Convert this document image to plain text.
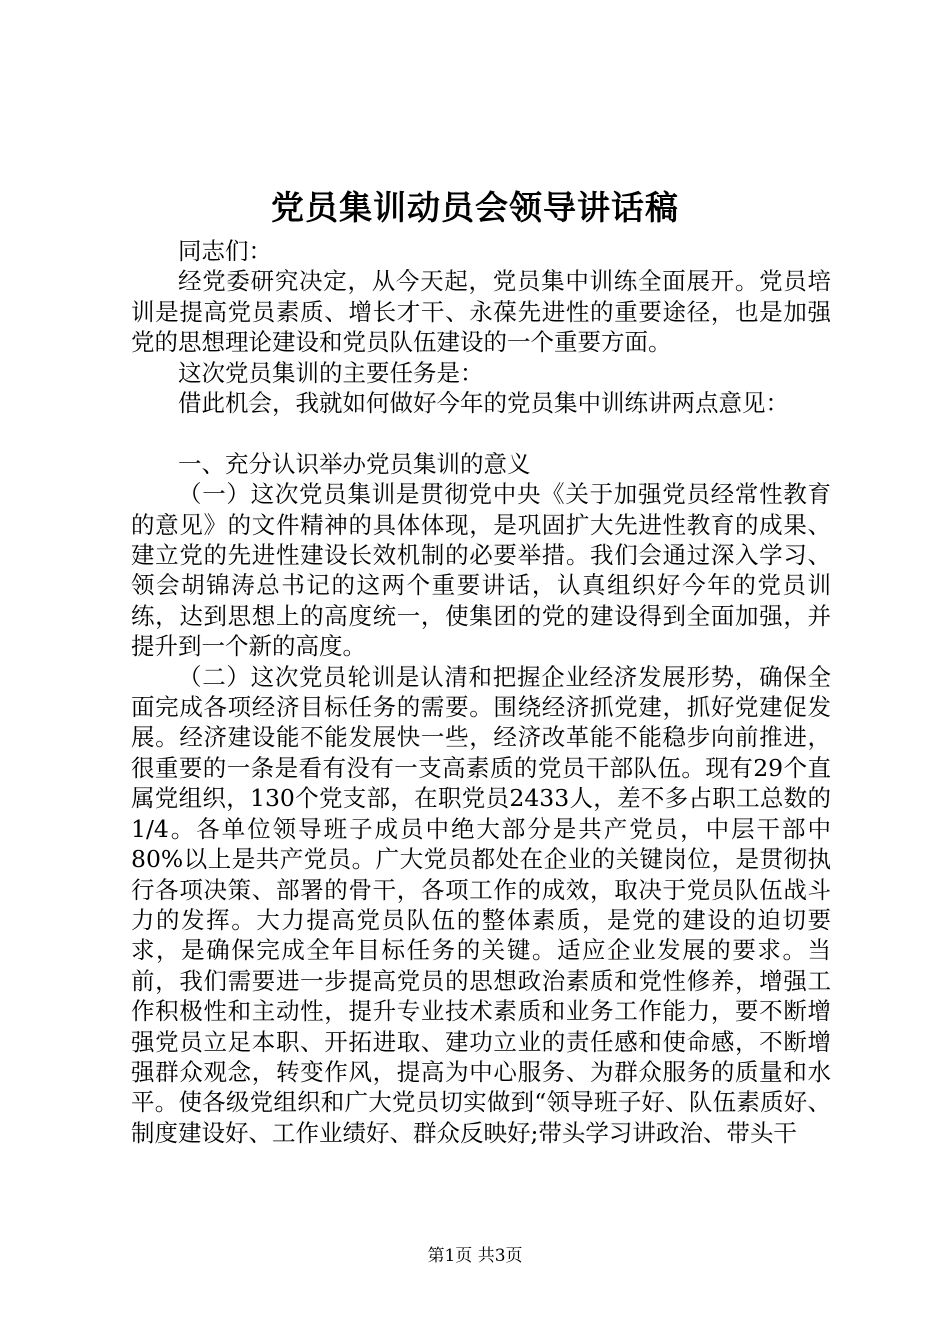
党员集训动员会领导讲话稿

同志们：

经党委研究决定，从今天起，党员集中训练全面展开。党员培训是提高党员素质、增长才干、永葆先进性的重要途径，也是加强党的思想理论建设和党员队伍建设的一个重要方面。

这次党员集训的主要任务是：

借此机会，我就如何做好今年的党员集中训练讲两点意见：

一、充分认识举办党员集训的意义

（一）这次党员集训是贯彻党中央《关于加强党员经常性教育的意见》的文件精神的具体体现，是巩固扩大先进性教育的成果、建立党的先进性建设长效机制的必要举措。我们会通过深入学习、领会胡锦涛总书记的这两个重要讲话，认真组织好今年的党员训练，达到思想上的高度统一，使集团的党的建设得到全面加强，并提升到一个新的高度。

（二）这次党员轮训是认清和把握企业经济发展形势，确保全面完成各项经济目标任务的需要。围绕经济抓党建，抓好党建促发展。经济建设能不能发展快一些，经济改革能不能稳步向前推进，很重要的一条是看有没有一支高素质的党员干部队伍。现有29个直属党组织，130个党支部，在职党员2433人，差不多占职工总数的1/4。各单位领导班子成员中绝大部分是共产党员，中层干部中80%以上是共产党员。广大党员都处在企业的关键岗位，是贯彻执行各项决策、部署的骨干，各项工作的成效，取决于党员队伍战斗力的发挥。大力提高党员队伍的整体素质，是党的建设的迫切要求，是确保完成全年目标任务的关键。适应企业发展的要求。当前，我们需要进一步提高党员的思想政治素质和党性修养，增强工作积极性和主动性，提升专业技术素质和业务工作能力，要不断增强党员立足本职、开拓进取、建功立业的责任感和使命感，不断增强群众观念，转变作风，提高为中心服务、为群众服务的质量和水平。使各级党组织和广大党员切实做到“领导班子好、队伍素质好、制度建设好、工作业绩好、群众反映好;带头学习讲政治、带头干

第1页 共3页
